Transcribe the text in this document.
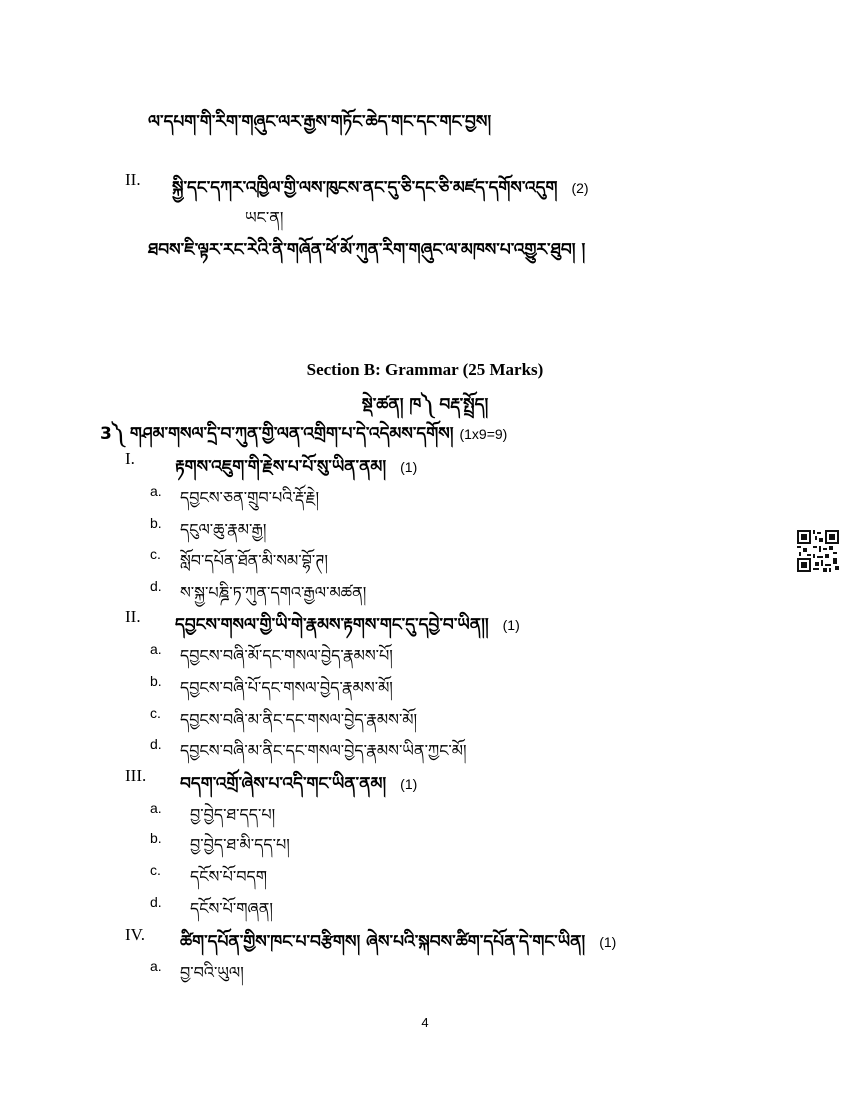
ལ་དཔག་གི་རིག་གཞུང་ལར་རྒྱས་གཏོང་ཆེད་གང་དང་གང་བྱས།
II. སྐྱི་དང་དཀར་འཁྱིལ་གྱི་ལས་ཁུངས་ནང་དུ་ཅི་དང་ཅི་མཛད་དགོས་འདུག (2)
ཡང་ན།
ཐབས་ཇི་ལྟར་རང་རེའི་ནི་གཞོན་ཕོ་མོ་ཀུན་རིག་གཞུང་ལ་མཁས་པ་འགྱུར་ཐུབ། །
Section B: Grammar (25 Marks)
སྡེ་ཚན། ཁ༽ བརྡ་སྤྲོད།
3༽ གཤམ་གསལ་དྲི་བ་ཀུན་གྱི་ལན་འགྲིག་པ་དེ་འདེམས་དགོས། (1x9=9)
I. རྟགས་འཇུག་གི་རྗེས་པ་པོ་སུ་ཡིན་ནམ། (1)
a. དབྱངས་ཅན་གྲུབ་པའི་རྡོ་རྗེ།
b. དངུལ་ཆུ་རྣམ་རྒྱ།
c. སློབ་དཔོན་ཐོན་མི་སམ་བྷོ་ཊ།
d. ས་སྐྱ་པཎྜི་ཏ་ཀུན་དགའ་རྒྱལ་མཚན།
II. དབྱངས་གསལ་གྱི་ཡི་གེ་རྣམས་རྟགས་གང་དུ་དབྱེ་བ་ཡིན།། (1)
a. དབྱངས་བཞི་མོ་དང་གསལ་བྱེད་རྣམས་པོ།
b. དབྱངས་བཞི་པོ་དང་གསལ་བྱེད་རྣམས་མོ།
c. དབྱངས་བཞི་མ་ནིང་དང་གསལ་བྱེད་རྣམས་མོ།
d. དབྱངས་བཞི་མ་ནིང་དང་གསལ་བྱེད་རྣམས་ཡིན་ཀྱང་མོ།
III. བདག་འགྲོ་ཞེས་པ་འདི་གང་ཡིན་ནམ། (1)
a. བྱ་བྱེད་ཐ་དད་པ།
b. བྱ་བྱེད་ཐ་མི་དད་པ།
c. དངོས་པོ་བདག
d. དངོས་པོ་གཞན།
IV. ཚིག་དཔོན་གྱིས་ཁང་པ་བརྩིགས། ཞེས་པའི་སྐབས་ཚིག་དཔོན་དེ་གང་ཡིན། (1)
a. བྱ་བའི་ཡུལ།
4
